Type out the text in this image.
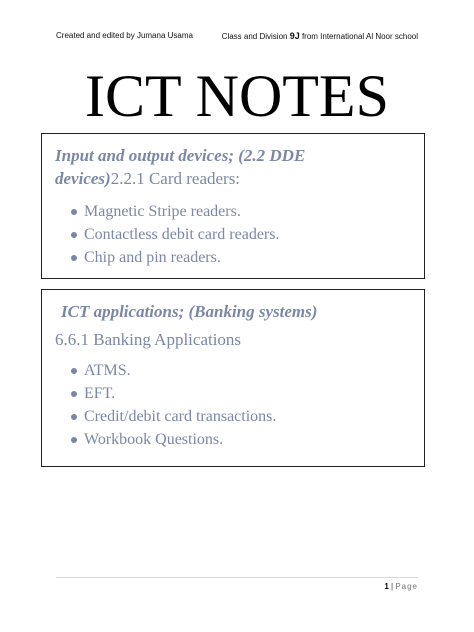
Created and edited by Jumana Usama	Class and Division 9J from International Al Noor school
ICT NOTES
Input and output devices; (2.2 DDE
devices)2.2.1 Card readers:
Magnetic Stripe readers.
Contactless debit card readers.
Chip and pin readers.
ICT applications; (Banking systems)
6.6.1 Banking Applications
ATMS.
EFT.
Credit/debit card transactions.
Workbook Questions.
1 | Page
